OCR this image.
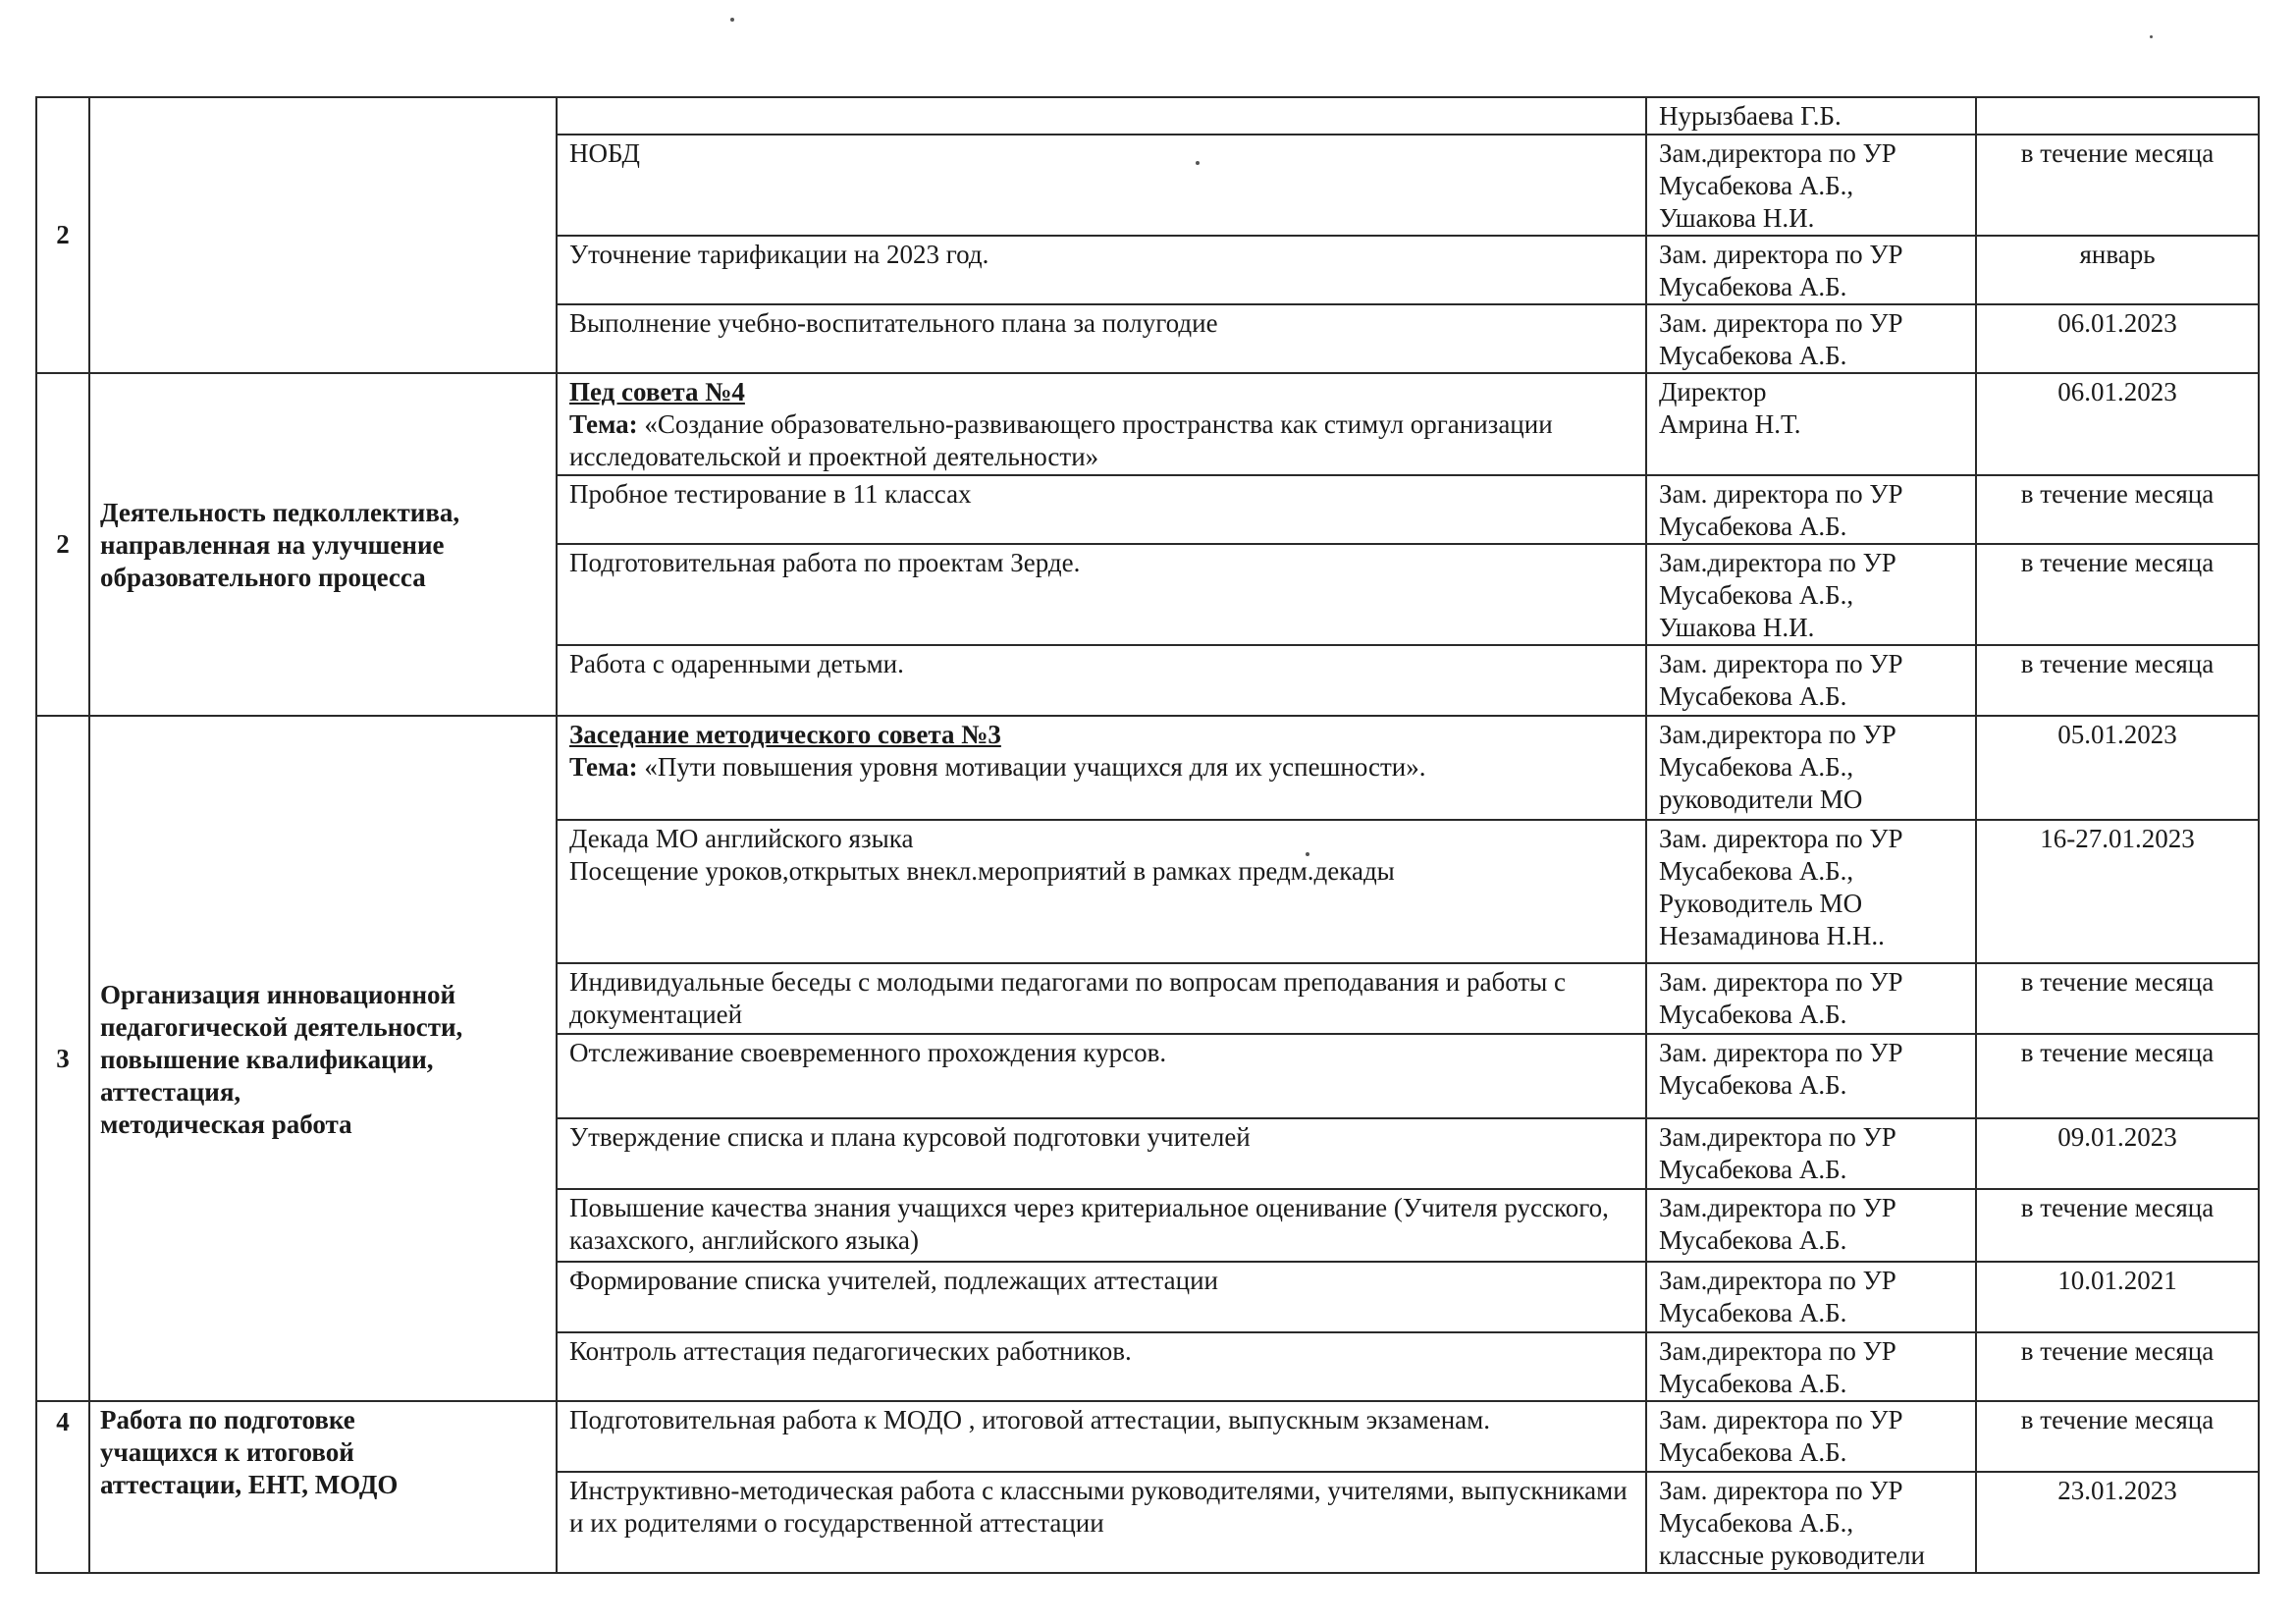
2			Нурызбаева Г.Б.	

		НОБД	Зам.директора по УР
Мусабекова А.Б.,
Ушакова Н.И.	в течение месяца

		Уточнение тарификации на 2023 год.	Зам. директора по УР
Мусабекова А.Б.	январь

		Выполнение учебно-воспитательного плана за полугодие	Зам. директора по УР
Мусабекова А.Б.	06.01.2023
2	Деятельность педколлектива,
направленная на улучшение
образовательного процесса	Пед совета №4
Тема: «Создание образовательно-развивающего пространства как стимул организации исследовательской и проектной деятельности»	Директор
Амрина Н.Т.	06.01.2023

		Пробное тестирование в 11 классах	Зам. директора по УР
Мусабекова А.Б.	в течение месяца

		Подготовительная работа по проектам Зерде.	Зам.директора по УР
Мусабекова А.Б.,
Ушакова Н.И.	в течение месяца

		Работа с одаренными детьми.	Зам. директора по УР
Мусабекова А.Б.	в течение месяца
3	Организация инновационной
педагогической деятельности,
повышение квалификации,
аттестация,
методическая работа	Заседание методического совета №3
Тема: «Пути повышения уровня мотивации учащихся для их успешности».	Зам.директора по УР
Мусабекова А.Б.,
руководители МО	05.01.2023

		Декада МО английского языка
Посещение уроков,открытых внекл.мероприятий в рамках предм.декады	Зам. директора по УР
Мусабекова А.Б.,
Руководитель МО
Незамадинова Н.Н..	16-27.01.2023

		Индивидуальные беседы с молодыми педагогами по вопросам преподавания и работы с документацией	Зам. директора по УР
Мусабекова А.Б.	в течение месяца

		Отслеживание своевременного прохождения курсов.	Зам. директора по УР
Мусабекова А.Б.	в течение месяца

		Утверждение списка и плана курсовой подготовки учителей	Зам.директора по УР
Мусабекова А.Б.	09.01.2023

		Повышение качества знания учащихся через критериальное оценивание (Учителя русского, казахского, английского языка)	Зам.директора по УР
Мусабекова А.Б.	в течение месяца

		Формирование списка учителей, подлежащих аттестации	Зам.директора по УР
Мусабекова А.Б.	10.01.2021

		Контроль аттестация педагогических работников.	Зам.директора по УР
Мусабекова А.Б.	в течение месяца
4	Работа по подготовке
учащихся к итоговой
аттестации, ЕНТ, МОДО	Подготовительная работа к МОДО , итоговой аттестации, выпускным экзаменам.	Зам. директора по УР
Мусабекова А.Б.	в течение месяца

		Инструктивно-методическая работа с классными руководителями, учителями, выпускниками и их родителями о государственной аттестации	Зам. директора по УР
Мусабекова А.Б.,
классные руководители	23.01.2023
